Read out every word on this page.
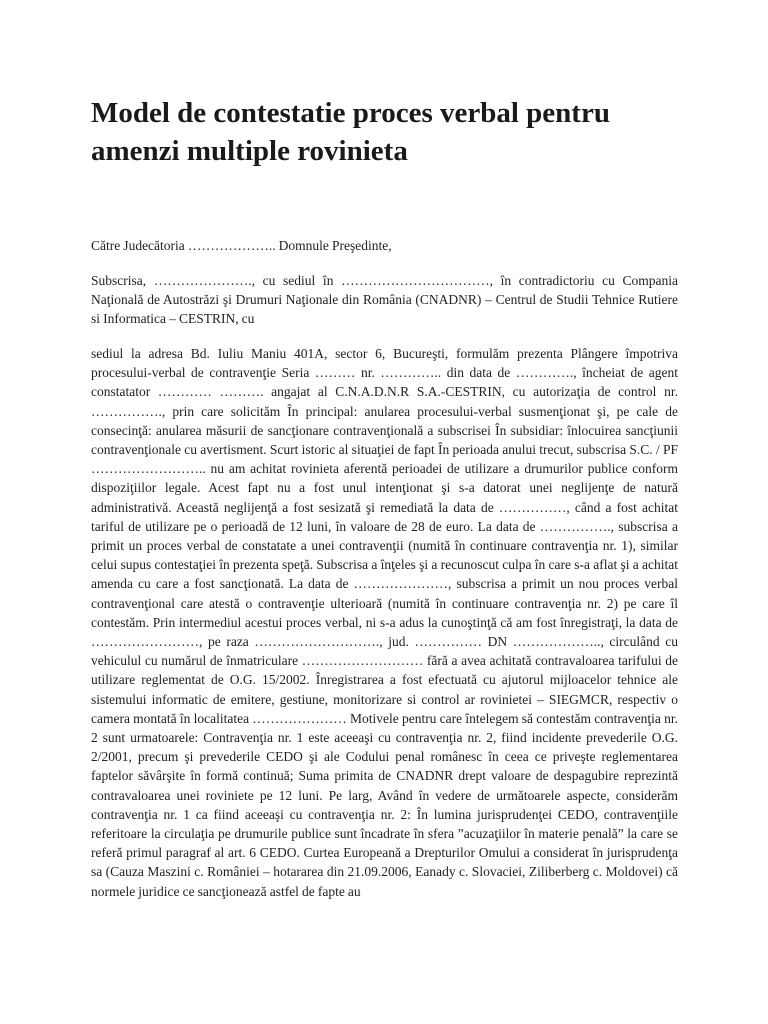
Model de contestatie proces verbal pentru amenzi multiple rovinieta

Către Judecătoria ……………….. Domnule Preşedinte,

Subscrisa, …………………., cu sediul în ……………………………, în contradictoriu cu Compania Naţională de Autostrăzi şi Drumuri Naţionale din România (CNADNR) – Centrul de Studii Tehnice Rutiere si Informatica – CESTRIN, cu

sediul la adresa Bd. Iuliu Maniu 401A, sector 6, Bucureşti, formulăm prezenta Plângere împotriva procesului-verbal de contravenţie Seria ……… nr. ………….. din data de …………., încheiat de agent constatator ………… ………. angajat al C.N.A.D.N.R S.A.-CESTRIN, cu autorizaţia de control nr. ……………., prin care solicităm În principal: anularea procesului-verbal susmenţionat şi, pe cale de consecinţă: anularea măsurii de sancţionare contravenţională a subscrisei În subsidiar: înlocuirea sancţiunii contravenţionale cu avertisment. Scurt istoric al situaţiei de fapt În perioada anului trecut, subscrisa S.C. / PF …………………….. nu am achitat rovinieta aferentă perioadei de utilizare a drumurilor publice conform dispoziţiilor legale. Acest fapt nu a fost unul intenţionat şi s-a datorat unei neglijenţe de natură administrativă. Această neglijenţă a fost sesizată şi remediată la data de ……………, când a fost achitat tariful de utilizare pe o perioadă de 12 luni, în valoare de 28 de euro. La data de ……………., subscrisa a primit un proces verbal de constatate a unei contravenţii (numită în continuare contravenţia nr. 1), similar celui supus contestaţiei în prezenta speţă. Subscrisa a înţeles şi a recunoscut culpa în care s-a aflat şi a achitat amenda cu care a fost sancţionată. La data de …………………, subscrisa a primit un nou proces verbal contravenţional care atestă o contravenţie ulterioară (numită în continuare contravenţia nr. 2) pe care îl contestăm. Prin intermediul acestui proces verbal, ni s-a adus la cunoştinţă că am fost înregistraţi, la data de ……………………, pe raza ………………………., jud. …………… DN ……………….., circulând cu vehiculul cu numărul de înmatriculare ……………………… fără a avea achitată contravaloarea tarifului de utilizare reglementat de O.G. 15/2002. Înregistrarea a fost efectuată cu ajutorul mijloacelor tehnice ale sistemului informatic de emitere, gestiune, monitorizare si control ar rovinietei – SIEGMCR, respectiv o camera montată în localitatea ………………… Motivele pentru care întelegem să contestăm contravenţia nr. 2 sunt urmatoarele: Contravenţia nr. 1 este aceeaşi cu contravenţia nr. 2, fiind incidente prevederile O.G. 2/2001, precum şi prevederile CEDO şi ale Codului penal românesc în ceea ce priveşte reglementarea faptelor săvârşite în formă continuă; Suma primita de CNADNR drept valoare de despagubire reprezintă contravaloarea unei roviniete pe 12 luni. Pe larg, Având în vedere de următoarele aspecte, considerăm contravenţia nr. 1 ca fiind aceeaşi cu contravenţia nr. 2: În lumina jurisprudenţei CEDO, contravenţiile referitoare la circulaţia pe drumurile publice sunt încadrate în sfera ”acuzaţiilor în materie penală” la care se referă primul paragraf al art. 6 CEDO. Curtea Europeană a Drepturilor Omului a considerat în jurisprudenţa sa (Cauza Maszini c. României – hotararea din 21.09.2006, Eanady c. Slovaciei, Ziliberberg c. Moldovei) că normele juridice ce sancţionează astfel de fapte au
